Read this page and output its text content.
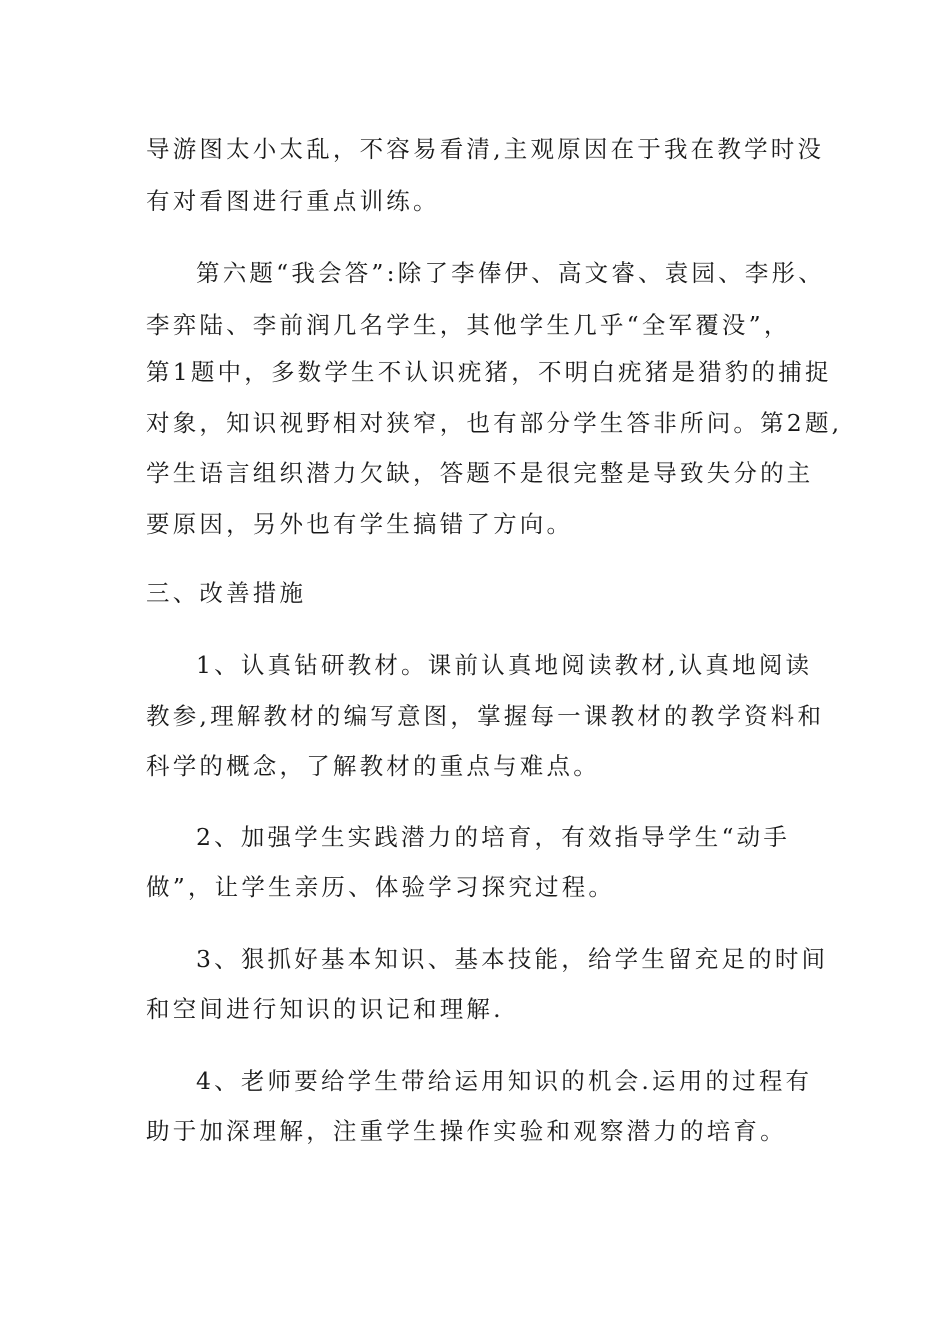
导游图太小太乱，不容易看清,主观原因在于我在教学时没
有对看图进行重点训练。
第六题“我会答”:除了李俸伊、高文睿、袁园、李彤、
李弈陆、李前润几名学生，其他学生几乎“全军覆没”，
第1题中，多数学生不认识疣猪，不明白疣猪是猎豹的捕捉
对象，知识视野相对狭窄，也有部分学生答非所问。第2题,
学生语言组织潜力欠缺，答题不是很完整是导致失分的主
要原因，另外也有学生搞错了方向。
三、改善措施
1、认真钻研教材。课前认真地阅读教材,认真地阅读
教参,理解教材的编写意图，掌握每一课教材的教学资料和
科学的概念，了解教材的重点与难点。
2、加强学生实践潜力的培育，有效指导学生“动手
做”，让学生亲历、体验学习探究过程。
3、狠抓好基本知识、基本技能，给学生留充足的时间
和空间进行知识的识记和理解.
4、老师要给学生带给运用知识的机会.运用的过程有
助于加深理解，注重学生操作实验和观察潜力的培育。
